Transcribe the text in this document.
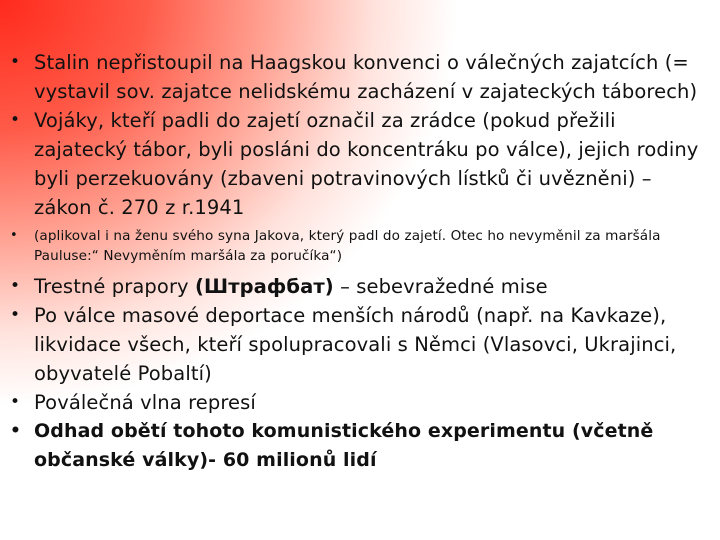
• Stalin nepřistoupil na Haagskou konvenci o válečných zajatcích (= vystavil sov. zajatce nelidskému zacházení v zajateckých táborech)
• Vojáky, kteří padli do zajetí označil za zrádce (pokud přežili zajatecký tábor, byli posláni do koncentráku po válce), jejich rodiny byli perzekuovány (zbaveni potravinových lístků či uvězněni) – zákon č. 270 z r.1941
• (aplikoval i na ženu svého syna Jakova, který padl do zajetí. Otec ho nevyměnil za maršála Pauluse:“ Nevyměním maršála za poručíka“)
• Trestné prapory (Штрафбат) – sebevražedné mise
• Po válce masové deportace menších národů (např. na Kavkaze), likvidace všech, kteří spolupracovali s Němci (Vlasovci, Ukrajinci, obyvatelé Pobaltí)
• Poválečná vlna represí
• Odhad obětí tohoto komunistického experimentu (včetně občanské války)- 60 milionů lidí
